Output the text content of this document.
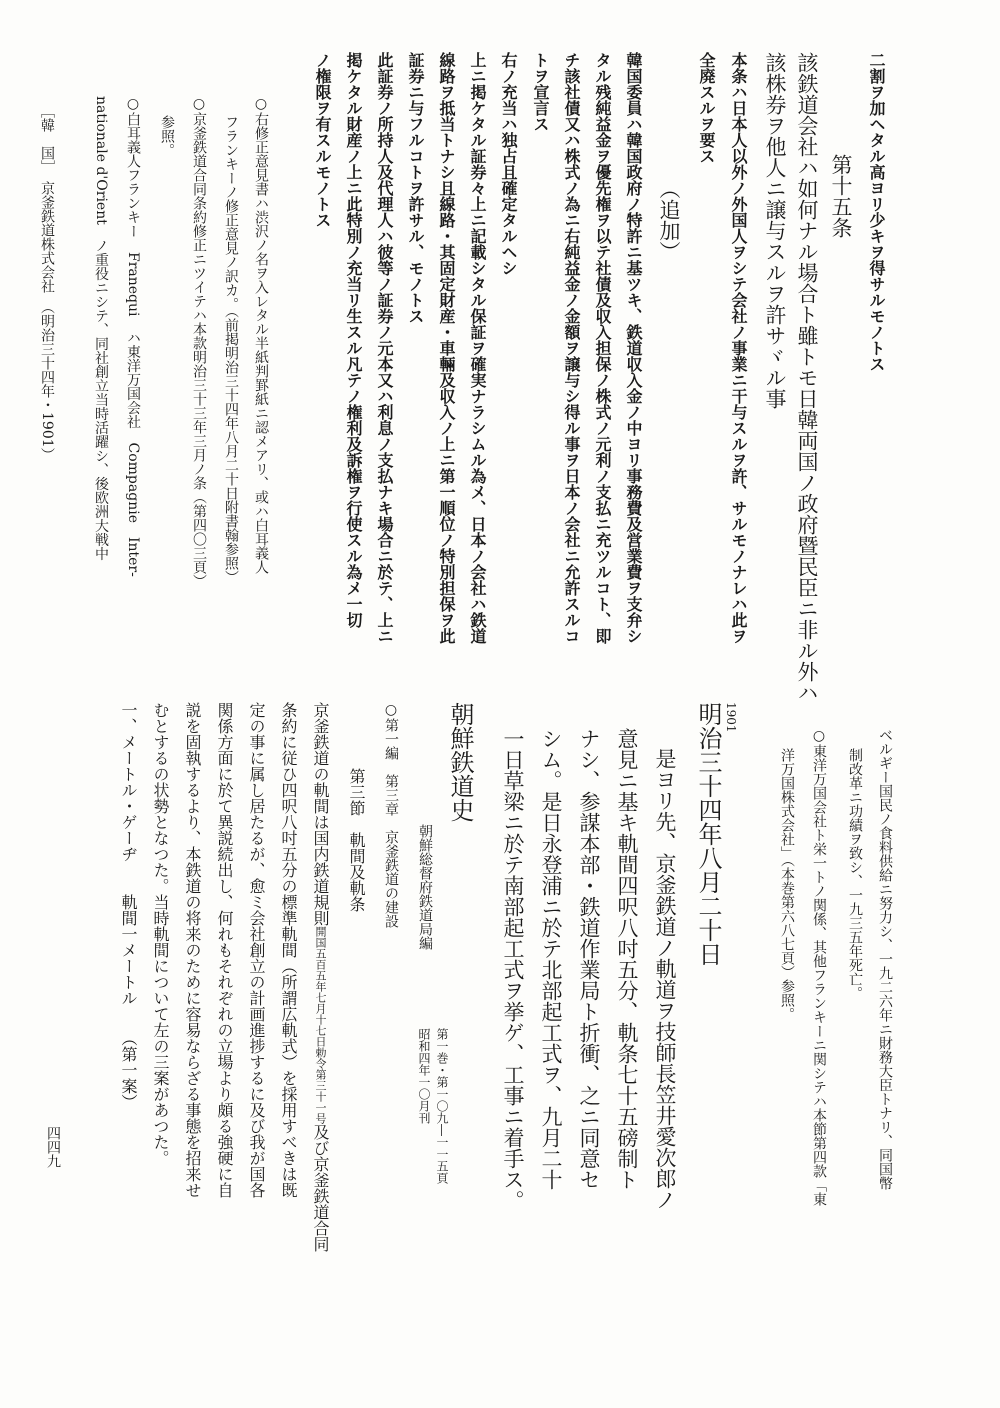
二割ヲ加ヘタル高ヨリ少キヲ得サルモノトス
第十五条
該鉄道会社ハ如何ナル場合ト雖トモ日韓両国ノ政府暨民臣ニ非ル外ハ
該株券ヲ他人ニ譲与スルヲ許サヾル事
本条ハ日本人以外ノ外国人ヲシテ会社ノ事業ニ干与スルヲ許、サルモノナレハ此ヲ
全廃スルヲ要ス
（追加）
韓国委員ハ韓国政府ノ特許ニ基ツキ、鉄道収入金ノ中ヨリ事務費及営業費ヲ支弁シ
タル残純益金ヲ優先権ヲ以テ社債及収入担保ノ株式ノ元利ノ支払ニ充ツルコト、即
チ該社債又ハ株式ノ為ニ右純益金ノ金額ヲ譲与シ得ル事ヲ日本ノ会社ニ允許スルコ
トヲ宣言ス
右ノ充当ハ独占且確定タルヘシ
上ニ掲ケタル証券々上ニ記載シタル保証ヲ確実ナラシムル為メ、日本ノ会社ハ鉄道
線路ヲ抵当トナシ且線路・其固定財産・車輛及収入ノ上ニ第一順位ノ特別担保ヲ此
証券ニ与フルコトヲ許サル、モノトス
此証券ノ所持人及代理人ハ彼等ノ証券ノ元本又ハ利息ノ支払ナキ場合ニ於テ、上ニ
掲ケタル財産ノ上ニ此特別ノ充当リ生スル凡テノ権利及訴権ヲ行使スル為メ一切
ノ権限ヲ有スルモノトス
○右修正意見書ハ渋沢ノ名ヲ入レタル半紙判罫紙ニ認メアリ、或ハ白耳義人
フランキーノ修正意見ノ訳カ。（前掲明治三十四年八月二十日附書翰参照）
○京釜鉄道合同条約修正ニツイテハ本款明治三十三年三月ノ条（第四〇三頁）
参照。
○白耳義人フランキー　Franequi　ハ東洋万国会社　Compagnie　Inter-
nationale d'Orient　ノ重役ニシテ、同社創立当時活躍シ、後欧洲大戦中
［韓　国］　京釜鉄道株式会社　（明治三十四年・1901）
ベルギー国民ノ食料供給ニ努力シ、一九二六年ニ財務大臣トナリ、同国幣
制改革ニ功績ヲ致シ、一九三五年死亡。
○東洋万国会社ト栄一トノ関係、其他フランキーニ関シテハ本節第四款「東
洋万国株式会社」（本巻第六八七頁）参照。
1901
明治三十四年八月二十日
是ヨリ先、京釜鉄道ノ軌道ヲ技師長笠井愛次郎ノ
意見ニ基キ軌間四呎八吋五分、軌条七十五磅制ト
ナシ、参謀本部・鉄道作業局ト折衝、之ニ同意セ
シム。是日永登浦ニ於テ北部起工式ヲ、九月二十
一日草梁ニ於テ南部起工式ヲ挙ゲ、工事ニ着手ス。
朝鮮鉄道史
朝鮮総督府鉄道局編
第一巻・第一〇九―一一五頁
昭和四年一〇月刊
○第一編　第三章　京釜鉄道の建設
第三節　軌間及軌条
京釜鉄道の軌間は国内鉄道規則開国五百五年七月十七日勅令第三十一号及び京釜鉄道合同
条約に従ひ四呎八吋五分の標準軌間（所謂広軌式）を採用すべきは既
定の事に属し居たるが、愈ミ会社創立の計画進捗するに及び我が国各
関係方面に於て異説続出し、何れもそれぞれの立場より頗る強硬に自
説を固執するより、本鉄道の将来のために容易ならざる事態を招来せ
むとするの状勢となつた。当時軌間について左の三案があつた。
一、メートル・ゲーヂ　　軌間一メートル　　（第一案）
四四九
